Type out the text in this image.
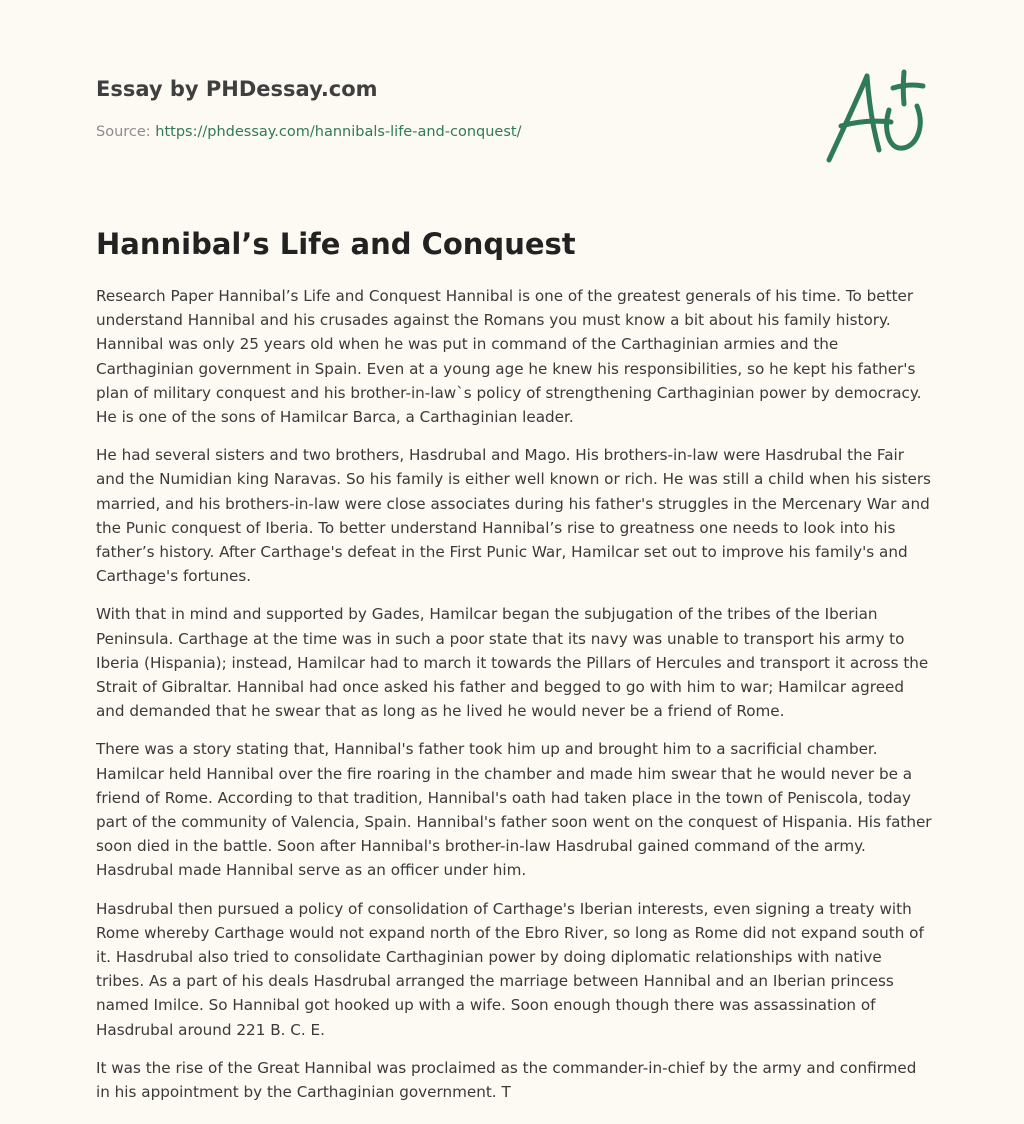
Essay by PHDessay.com
Source: https://phdessay.com/hannibals-life-and-conquest/
Hannibal’s Life and Conquest

Research Paper Hannibal’s Life and Conquest Hannibal is one of the greatest generals of his time. To better understand Hannibal and his crusades against the Romans you must know a bit about his family history. Hannibal was only 25 years old when he was put in command of the Carthaginian armies and the Carthaginian government in Spain. Even at a young age he knew his responsibilities, so he kept his father's plan of military conquest and his brother-in-law`s policy of strengthening Carthaginian power by democracy. He is one of the sons of Hamilcar Barca, a Carthaginian leader.

He had several sisters and two brothers, Hasdrubal and Mago. His brothers-in-law were Hasdrubal the Fair and the Numidian king Naravas. So his family is either well known or rich. He was still a child when his sisters married, and his brothers-in-law were close associates during his father's struggles in the Mercenary War and the Punic conquest of Iberia. To better understand Hannibal’s rise to greatness one needs to look into his father’s history. After Carthage's defeat in the First Punic War, Hamilcar set out to improve his family's and Carthage's fortunes.

With that in mind and supported by Gades, Hamilcar began the subjugation of the tribes of the Iberian Peninsula. Carthage at the time was in such a poor state that its navy was unable to transport his army to Iberia (Hispania); instead, Hamilcar had to march it towards the Pillars of Hercules and transport it across the Strait of Gibraltar. Hannibal had once asked his father and begged to go with him to war; Hamilcar agreed and demanded that he swear that as long as he lived he would never be a friend of Rome.

There was a story stating that, Hannibal's father took him up and brought him to a sacrificial chamber. Hamilcar held Hannibal over the fire roaring in the chamber and made him swear that he would never be a friend of Rome. According to that tradition, Hannibal's oath had taken place in the town of Peniscola, today part of the community of Valencia, Spain. Hannibal's father soon went on the conquest of Hispania. His father soon died in the battle. Soon after Hannibal's brother-in-law Hasdrubal gained command of the army. Hasdrubal made Hannibal serve as an officer under him.

Hasdrubal then pursued a policy of consolidation of Carthage's Iberian interests, even signing a treaty with Rome whereby Carthage would not expand north of the Ebro River, so long as Rome did not expand south of it. Hasdrubal also tried to consolidate Carthaginian power by doing diplomatic relationships with native tribes. As a part of his deals Hasdrubal arranged the marriage between Hannibal and an Iberian princess named Imilce. So Hannibal got hooked up with a wife. Soon enough though there was assassination of Hasdrubal around 221 B. C. E.

It was the rise of the Great Hannibal was proclaimed as the commander-in-chief by the army and confirmed in his appointment by the Carthaginian government. T
